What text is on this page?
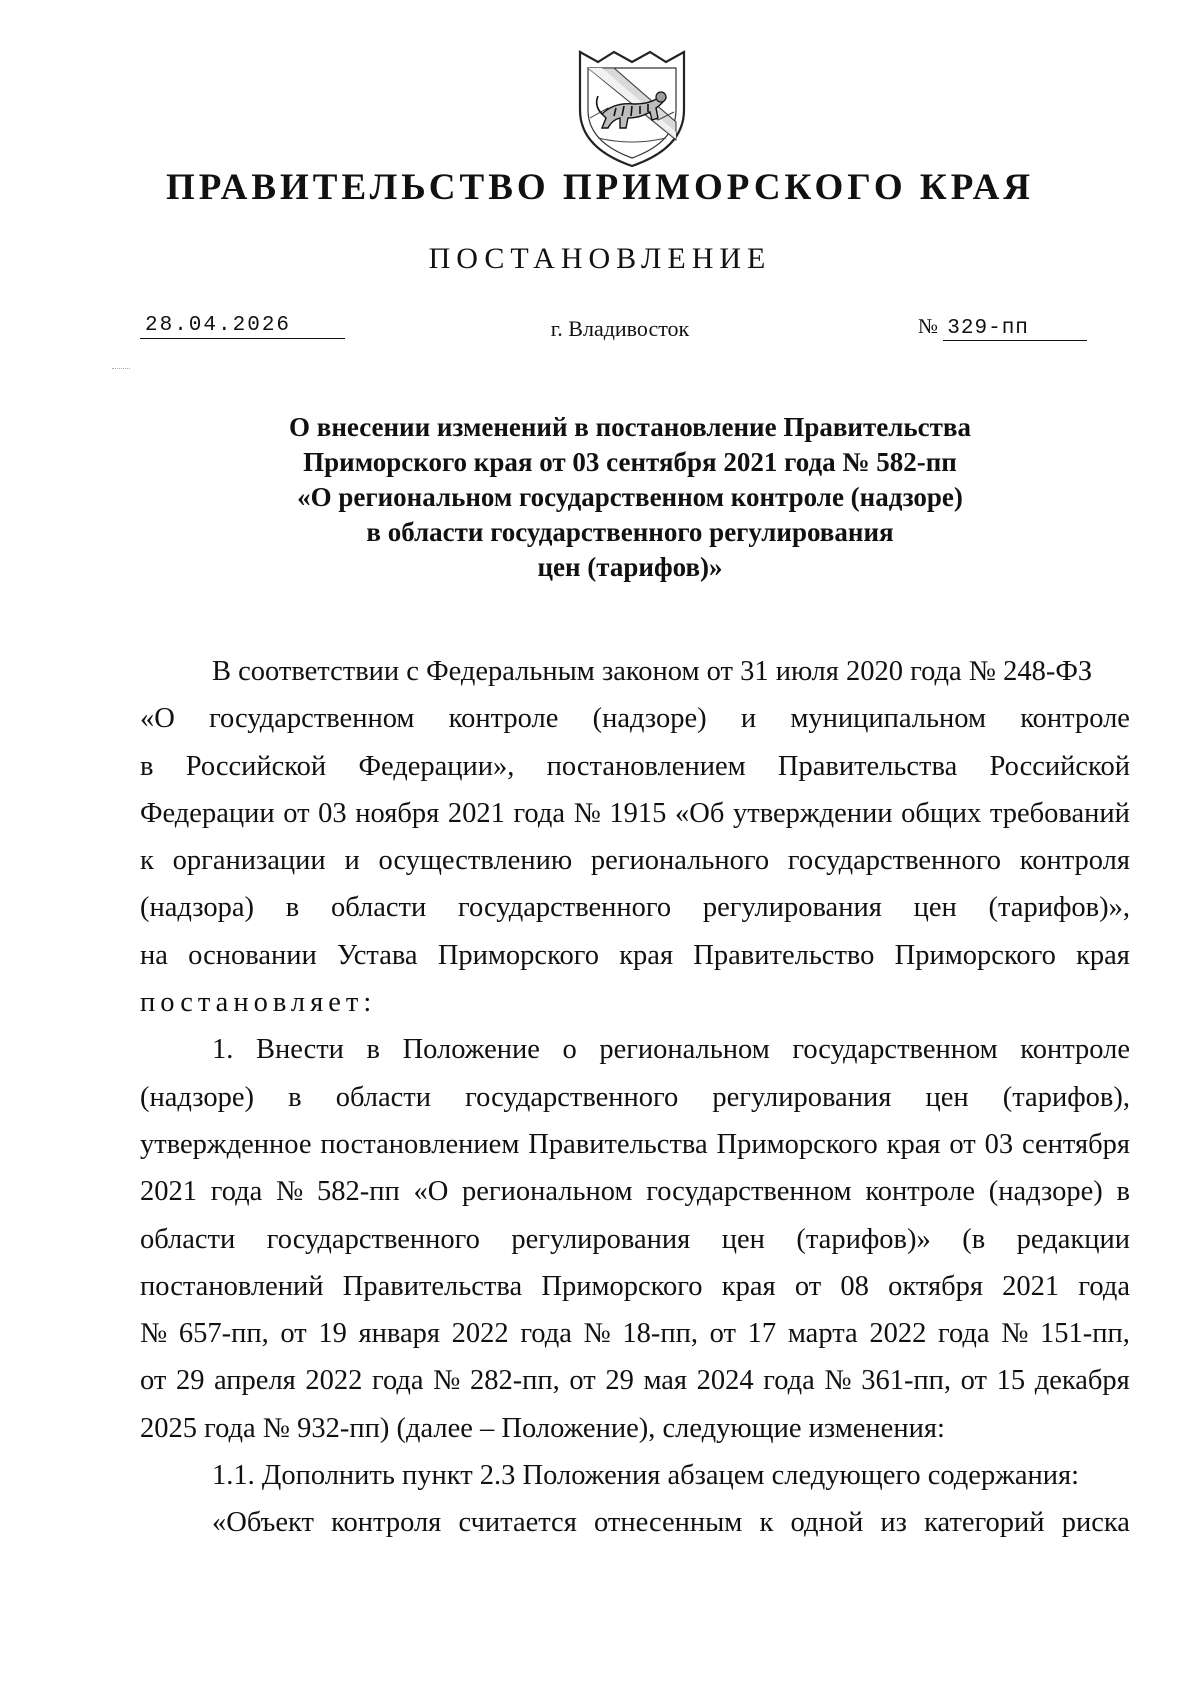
ПРАВИТЕЛЬСТВО ПРИМОРСКОГО КРАЯ
ПОСТАНОВЛЕНИЕ
28.04.2026	г. Владивосток	№ 329-пп
О внесении изменений в постановление Правительства
Приморского края от 03 сентября 2021 года № 582-пп
«О региональном государственном контроле (надзоре)
в области государственного регулирования
цен (тарифов)»
В соответствии с Федеральным законом от 31 июля 2020 года № 248-ФЗ
«О государственном контроле (надзоре) и муниципальном контроле
в Российской Федерации», постановлением Правительства Российской
Федерации от 03 ноября 2021 года № 1915 «Об утверждении общих требований
к организации и осуществлению регионального государственного контроля
(надзора) в области государственного регулирования цен (тарифов)»,
на основании Устава Приморского края Правительство Приморского края
постановляет:
1. Внести в Положение о региональном государственном контроле
(надзоре) в области государственного регулирования цен (тарифов),
утвержденное постановлением Правительства Приморского края от 03 сентября
2021 года № 582-пп «О региональном государственном контроле (надзоре) в
области государственного регулирования цен (тарифов)» (в редакции
постановлений Правительства Приморского края от 08 октября 2021 года
№ 657-пп, от 19 января 2022 года № 18-пп, от 17 марта 2022 года № 151-пп,
от 29 апреля 2022 года № 282-пп, от 29 мая 2024 года № 361-пп, от 15 декабря
2025 года № 932-пп) (далее – Положение), следующие изменения:
1.1. Дополнить пункт 2.3 Положения абзацем следующего содержания:
«Объект контроля считается отнесенным к одной из категорий риска
